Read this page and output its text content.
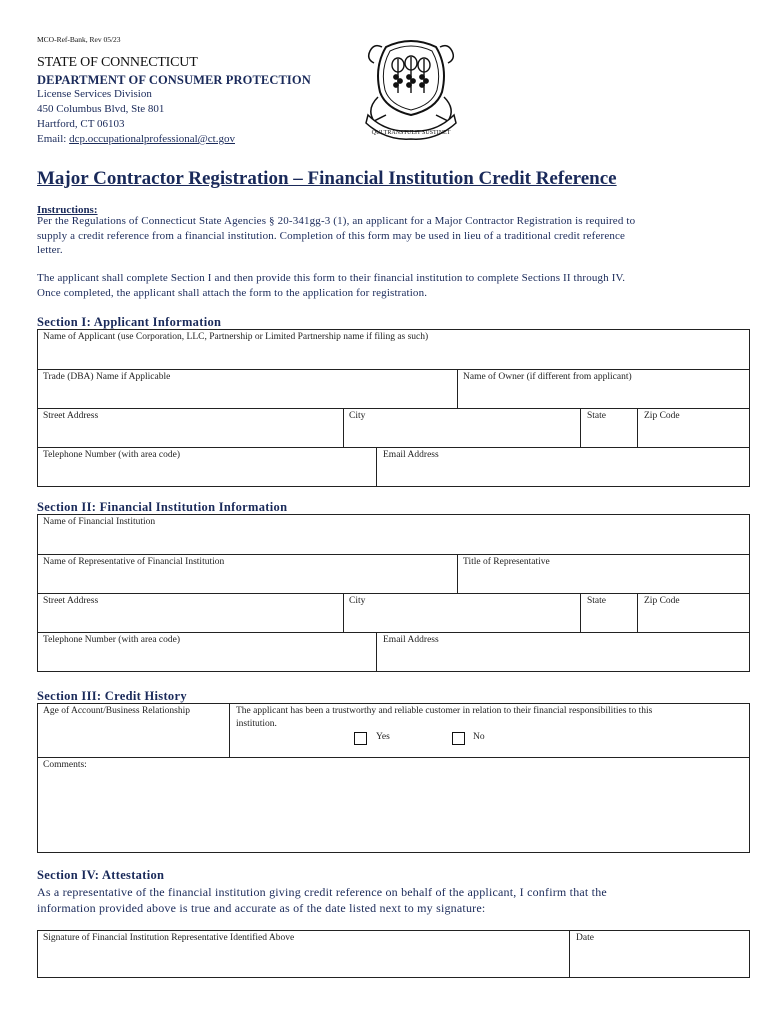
MCO-Ref-Bank, Rev 05/23
STATE OF CONNECTICUT
DEPARTMENT OF CONSUMER PROTECTION
License Services Division
450 Columbus Blvd, Ste 801
Hartford, CT 06103
Email: dcp.occupationalprofessional@ct.gov	QUI TRANSTULIT SUSTINET
Major Contractor Registration – Financial Institution Credit Reference
Instructions:
Per the Regulations of Connecticut State Agencies § 20-341gg-3 (1), an applicant for a Major Contractor Registration is required to
supply a credit reference from a financial institution. Completion of this form may be used in lieu of a traditional credit reference
letter.
The applicant shall complete Section I and then provide this form to their financial institution to complete Sections II through IV.
Once completed, the applicant shall attach the form to the application for registration.
Section I: Applicant Information
Name of Applicant (use Corporation, LLC, Partnership or Limited Partnership name if filing as such)
Trade (DBA) Name if Applicable	Name of Owner (if different from applicant)
Street Address	City	State	Zip Code
Telephone Number (with area code)	Email Address
Section II: Financial Institution Information
Name of Financial Institution
Name of Representative of Financial Institution	Title of Representative
Street Address	City	State	Zip Code
Telephone Number (with area code)	Email Address
Section III: Credit History
Age of Account/Business Relationship	The applicant has been a trustworthy and reliable customer in relation to their financial responsibilities to this
institution.
Yes	No
Comments:
Section IV: Attestation
As a representative of the financial institution giving credit reference on behalf of the applicant, I confirm that the
information provided above is true and accurate as of the date listed next to my signature:
Signature of Financial Institution Representative Identified Above	Date
